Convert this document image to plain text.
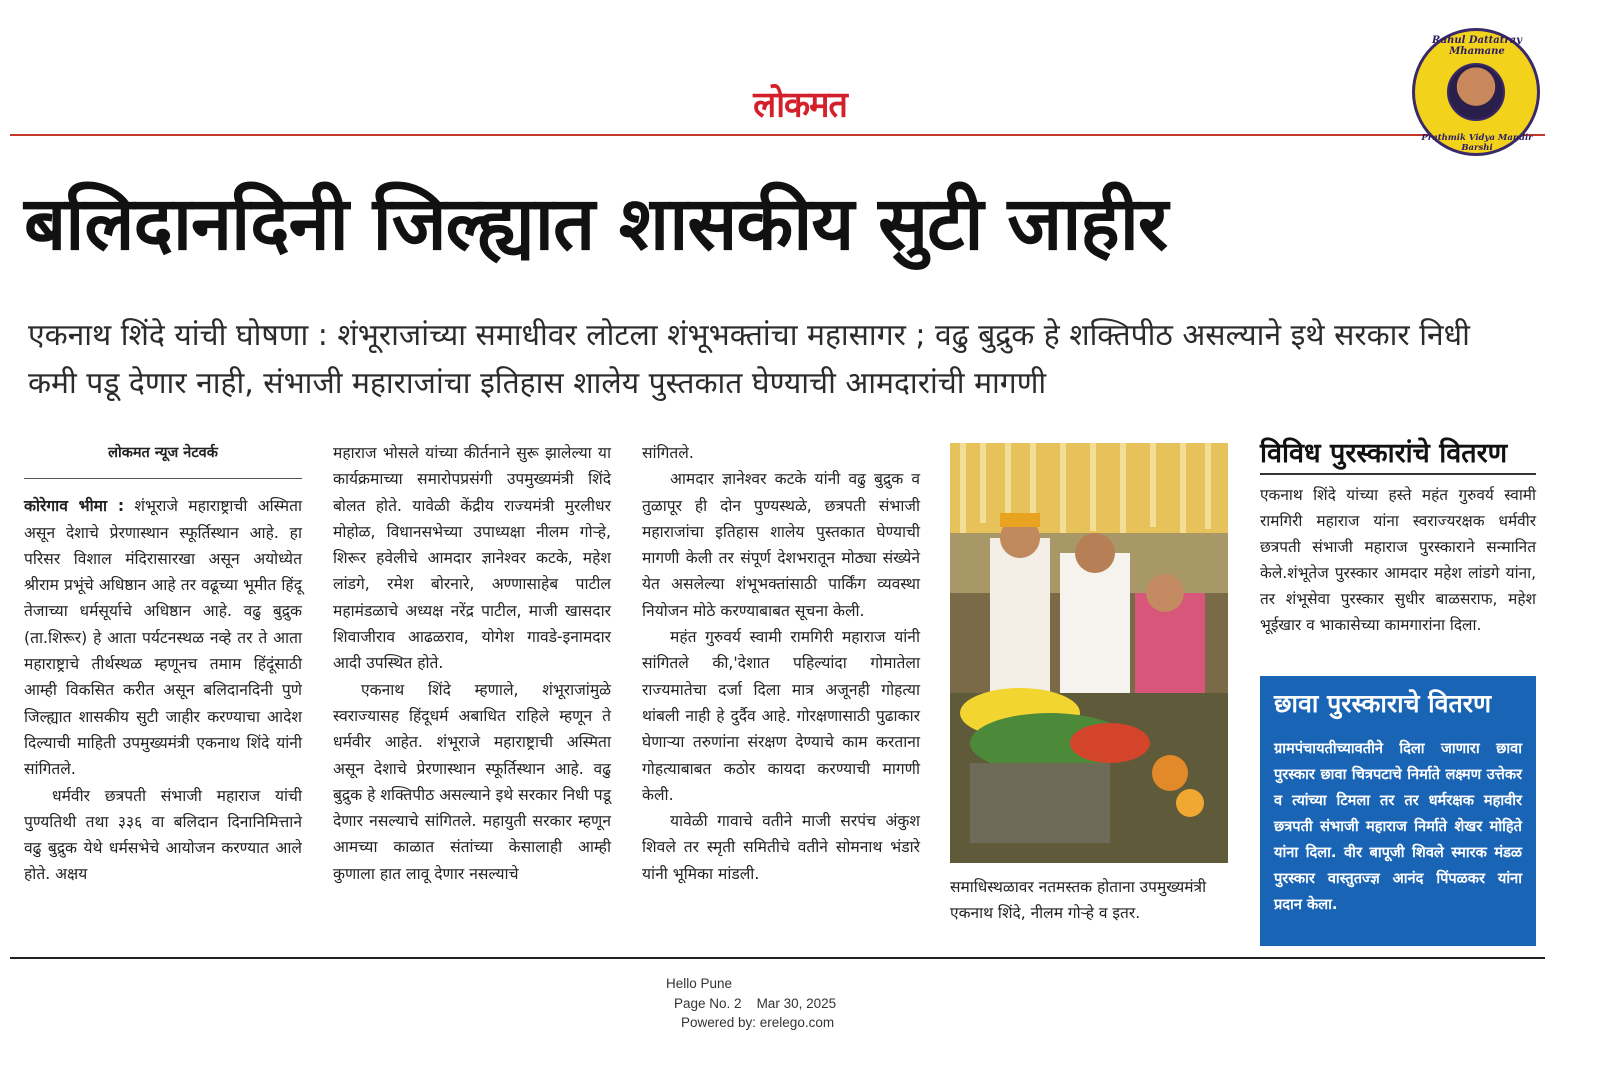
लोकमत
Rahul Dattatray Mhamane
Prathmik Vidya Mandir Barshi
बलिदानदिनी जिल्ह्यात शासकीय सुटी जाहीर
एकनाथ शिंदे यांची घोषणा : शंभूराजांच्या समाधीवर लोटला शंभूभक्तांचा महासागर ; वढु बुद्रुक हे शक्तिपीठ असल्याने इथे सरकार निधी कमी पडू देणार नाही, संभाजी महाराजांचा इतिहास शालेय पुस्तकात घेण्याची आमदारांची मागणी
लोकमत न्यूज नेटवर्क

कोरेगाव भीमा : शंभूराजे महाराष्ट्राची अस्मिता असून देशाचे प्रेरणास्थान स्फूर्तिस्थान आहे. हा परिसर विशाल मंदिरासारखा असून अयोध्येत श्रीराम प्रभूंचे अधिष्ठान आहे तर वढूच्या भूमीत हिंदू तेजाच्या धर्मसूर्याचे अधिष्ठान आहे. वढु बुद्रुक (ता.शिरूर) हे आता पर्यटनस्थळ नव्हे तर ते आता महाराष्ट्राचे तीर्थस्थळ म्हणूनच तमाम हिंदूंसाठी आम्ही विकसित करीत असून बलिदानदिनी पुणे जिल्ह्यात शासकीय सुटी जाहीर करण्याचा आदेश दिल्याची माहिती उपमुख्यमंत्री एकनाथ शिंदे यांनी सांगितले.

धर्मवीर छत्रपती संभाजी महाराज यांची पुण्यतिथी तथा ३३६ वा बलिदान दिनानिमित्ताने वढु बुद्रुक येथे धर्मसभेचे आयोजन करण्यात आले होते. अक्षय

महाराज भोसले यांच्या कीर्तनाने सुरू झालेल्या या कार्यक्रमाच्या समारोपप्रसंगी उपमुख्यमंत्री शिंदे बोलत होते. यावेळी केंद्रीय राज्यमंत्री मुरलीधर मोहोळ, विधानसभेच्या उपाध्यक्षा नीलम गोऱ्हे, शिरूर हवेलीचे आमदार ज्ञानेश्वर कटके, महेश लांडगे, रमेश बोरनारे, अण्णासाहेब पाटील महामंडळाचे अध्यक्ष नरेंद्र पाटील, माजी खासदार शिवाजीराव आढळराव, योगेश गावडे-इनामदार आदी उपस्थित होते.

एकनाथ शिंदे म्हणाले, शंभूराजांमुळे स्वराज्यासह हिंदूधर्म अबाधित राहिले म्हणून ते धर्मवीर आहेत. शंभूराजे महाराष्ट्राची अस्मिता असून देशाचे प्रेरणास्थान स्फूर्तिस्थान आहे. वढु बुद्रुक हे शक्तिपीठ असल्याने इथे सरकार निधी पडू देणार नसल्याचे सांगितले. महायुती सरकार म्हणून आमच्या काळात संतांच्या केसालाही आम्ही कुणाला हात लावू देणार नसल्याचे

सांगितले.

आमदार ज्ञानेश्वर कटके यांनी वढु बुद्रुक व तुळापूर ही दोन पुण्यस्थळे, छत्रपती संभाजी महाराजांचा इतिहास शालेय पुस्तकात घेण्याची मागणी केली तर संपूर्ण देशभरातून मोठ्या संख्येने येत असलेल्या शंभूभक्तांसाठी पार्किंग व्यवस्था नियोजन मोठे करण्याबाबत सूचना केली.

महंत गुरुवर्य स्वामी रामगिरी महाराज यांनी सांगितले की,'देशात पहिल्यांदा गोमातेला राज्यमातेचा दर्जा दिला मात्र अजूनही गोहत्या थांबली नाही हे दुर्दैव आहे. गोरक्षणासाठी पुढाकार घेणाऱ्या तरुणांना संरक्षण देण्याचे काम करताना गोहत्याबाबत कठोर कायदा करण्याची मागणी केली.

यावेळी गावाचे वतीने माजी सरपंच अंकुश शिवले तर स्मृती समितीचे वतीने सोमनाथ भंडारे यांनी भूमिका मांडली.

समाधिस्थळावर नतमस्तक होताना उपमुख्यमंत्री एकनाथ शिंदे, नीलम गोऱ्हे व इतर.
विविध पुरस्कारांचे वितरण
एकनाथ शिंदे यांच्या हस्ते महंत गुरुवर्य स्वामी रामगिरी महाराज यांना स्वराज्यरक्षक धर्मवीर छत्रपती संभाजी महाराज पुरस्काराने सन्मानित केले.शंभूतेज पुरस्कार आमदार महेश लांडगे यांना, तर शंभूसेवा पुरस्कार सुधीर बाळसराफ, महेश भूईखार व भाकासेच्या कामगारांना दिला.
छावा पुरस्काराचे वितरण
ग्रामपंचायतीच्यावतीने दिला जाणारा छावा पुरस्कार छावा चित्रपटाचे निर्माते लक्ष्मण उत्तेकर व त्यांच्या टिमला तर तर धर्मरक्षक महावीर छत्रपती संभाजी महाराज निर्माते शेखर मोहिते यांना दिला. वीर बापूजी शिवले स्मारक मंडळ पुरस्कार वास्तुतज्ज्ञ आनंद पिंपळकर यांना प्रदान केला.
Hello Pune
Page No. 2 Mar 30, 2025
Powered by: erelego.com
